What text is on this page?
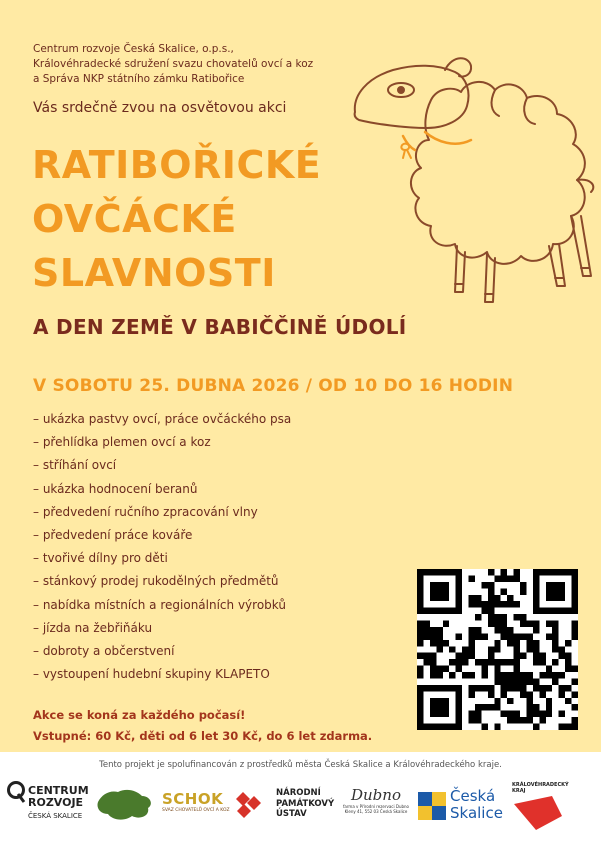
Centrum rozvoje Česká Skalice, o.p.s.,
Královéhradecké sdružení svazu chovatelů ovcí a koz
a Správa NKP státního zámku Ratibořice
Vás srdečně zvou na osvětovou akci
RATIBOŘICKÉ
OVČÁCKÉ
SLAVNOSTI
A DEN ZEMĚ V BABIČČINĚ ÚDOLÍ
V SOBOTU 25. DUBNA 2026 / OD 10 DO 16 HODIN
– ukázka pastvy ovcí, práce ovčáckého psa
– přehlídka plemen ovcí a koz
– stříhání ovcí
– ukázka hodnocení beranů
– předvedení ručního zpracování vlny
– předvedení práce kováře
– tvořivé dílny pro děti
– stánkový prodej rukodělných předmětů
– nabídka místních a regionálních výrobků
– jízda na žebřiňáku
– dobroty a občerstvení
– vystoupení hudební skupiny KLAPETO
Akce se koná za každého počasí!
Vstupné: 60 Kč, děti od 6 let 30 Kč, do 6 let zdarma.
Tento projekt je spolufinancován z prostředků města Česká Skalice a Královéhradeckého kraje.
CENTRUM
ROZVOJE
ČESKÁ SKALICE
SCHOK
SVAZ CHOVATELŮ OVCÍ A KOZ
NÁRODNÍ
PAMÁTKOVÝ
ÚSTAV
Dubno
farma v Přírodní rezervaci Dubno
Kleny 41, 552 03 Česká Skalice
Česká
Skalice
KRÁLOVÉHRADECKÝ
KRAJ
